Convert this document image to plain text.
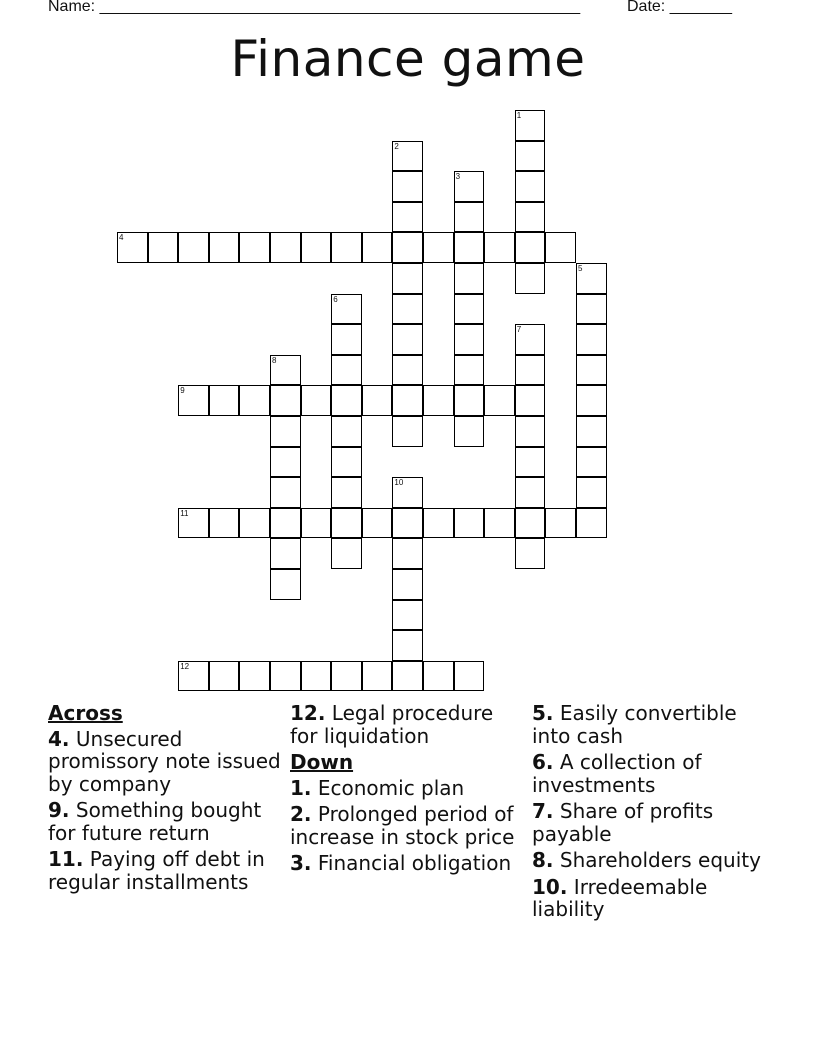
Name: ______________________________________________________	Date: _______
Finance game
1
2
3
4
5
6
7
8
9
10
11
12
Across
4. Unsecured promissory note issued by company
9. Something bought for future return
11. Paying off debt in regular installments
12. Legal procedure for liquidation
Down
1. Economic plan
2. Prolonged period of increase in stock price
3. Financial obligation
5. Easily convertible into cash
6. A collection of investments
7. Share of profits payable
8. Shareholders equity
10. Irredeemable liability
